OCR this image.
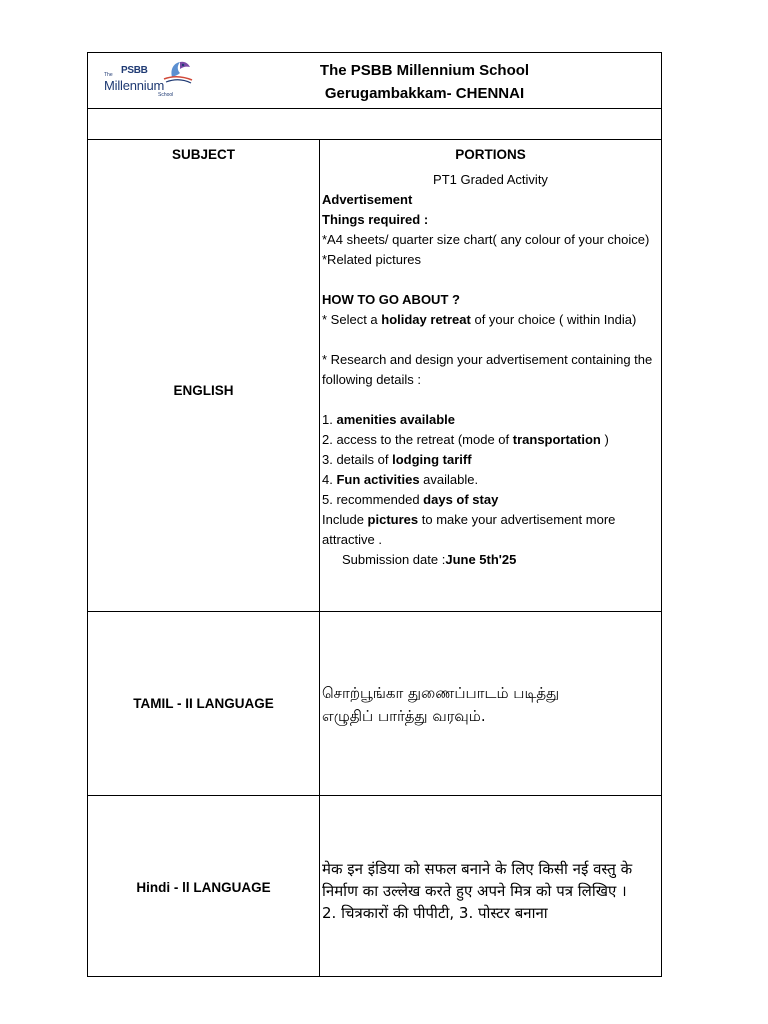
The PSBB
Millennium
School
The PSBB Millennium School
Gerugambakkam- CHENNAI
SUBJECT	PORTIONS
ENGLISH
PT1 Graded Activity
Advertisement
Things required :
*A4 sheets/ quarter size chart( any colour of your choice)
*Related pictures
HOW TO GO ABOUT ?
* Select a holiday retreat of your choice ( within India)
* Research and design your advertisement containing the following details :
1. amenities available
2. access to the retreat (mode of transportation )
3. details of lodging tariff
4. Fun activities available.
5. recommended days of stay
Include pictures to make your advertisement more attractive .
Submission date :June 5th'25
TAMIL - II LANGUAGE
சொற்பூங்கா துணைப்பாடம் படித்து
எழுதிப் பார்த்து வரவும்.
Hindi - ll LANGUAGE
मेक इन इंडिया को सफल बनाने के लिए किसी नई वस्तु के
निर्माण का उल्लेख करते हुए अपने मित्र को पत्र लिखिए ।
2. चित्रकारों की पीपीटी, 3. पोस्टर बनाना
